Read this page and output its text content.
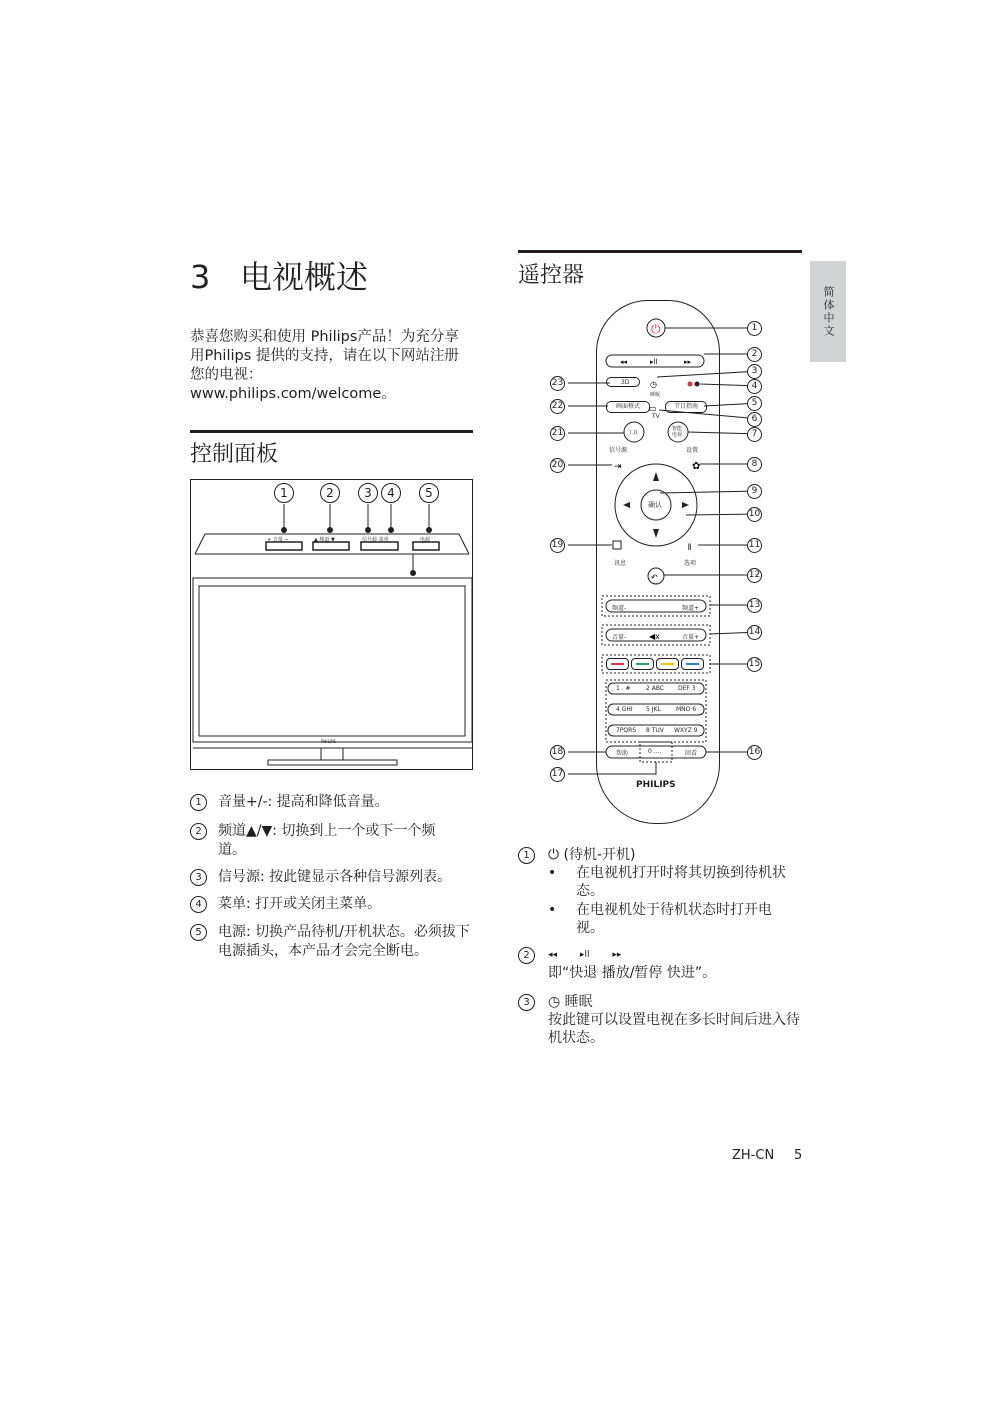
简体中文
3 电视概述
恭喜您购买和使用 Philips产品！为充分享用Philips 提供的支持，请在以下网站注册您的电视：www.philips.com/welcome。
控制面板
1	2	3	4	5
+ 音量 −	▲ 频道 ▼	信号源 菜单	电源
PHILIPS
1	音量+/-: 提高和降低音量。
2	频道▲/▼: 切换到上一个或下一个频道。
3	信号源: 按此键显示各种信号源列表。
4	菜单: 打开或关闭主菜单。
5	电源: 切换产品待机/开机状态。必须拔下电源插头，本产品才会完全断电。
遥控器
⏻
◂◂	▸ll	▸▸
◷
▭
⇥	✿
𝍪
↶
◀x
3D
睡眠
画面格式	节目指南
TV
工具
智能电视
信号源	设置
确认
讯息	选项
频道-	频道+
音量-	音量+
1 . #	2 ABC DEF 3
4 GHI 5 JKL	MNO 6
7PQRS 8 TUV WXYZ 9
帮助	0 ....	回看
PHILIPS
1
2
3
4
5
6
7
8
9
10
11
12
13
14
15
16
23
22
21
20
19
18
17
1	⏻ (待机-开机)
• 在电视机打开时将其切换到待机状态。
• 在电视机处于待机状态时打开电视。
2	◂◂        ▸ll        ▸▸
即“快退 播放/暂停 快进”。
3	◷ 睡眠
按此键可以设置电视在多长时间后进入待机状态。
ZH-CN 5
